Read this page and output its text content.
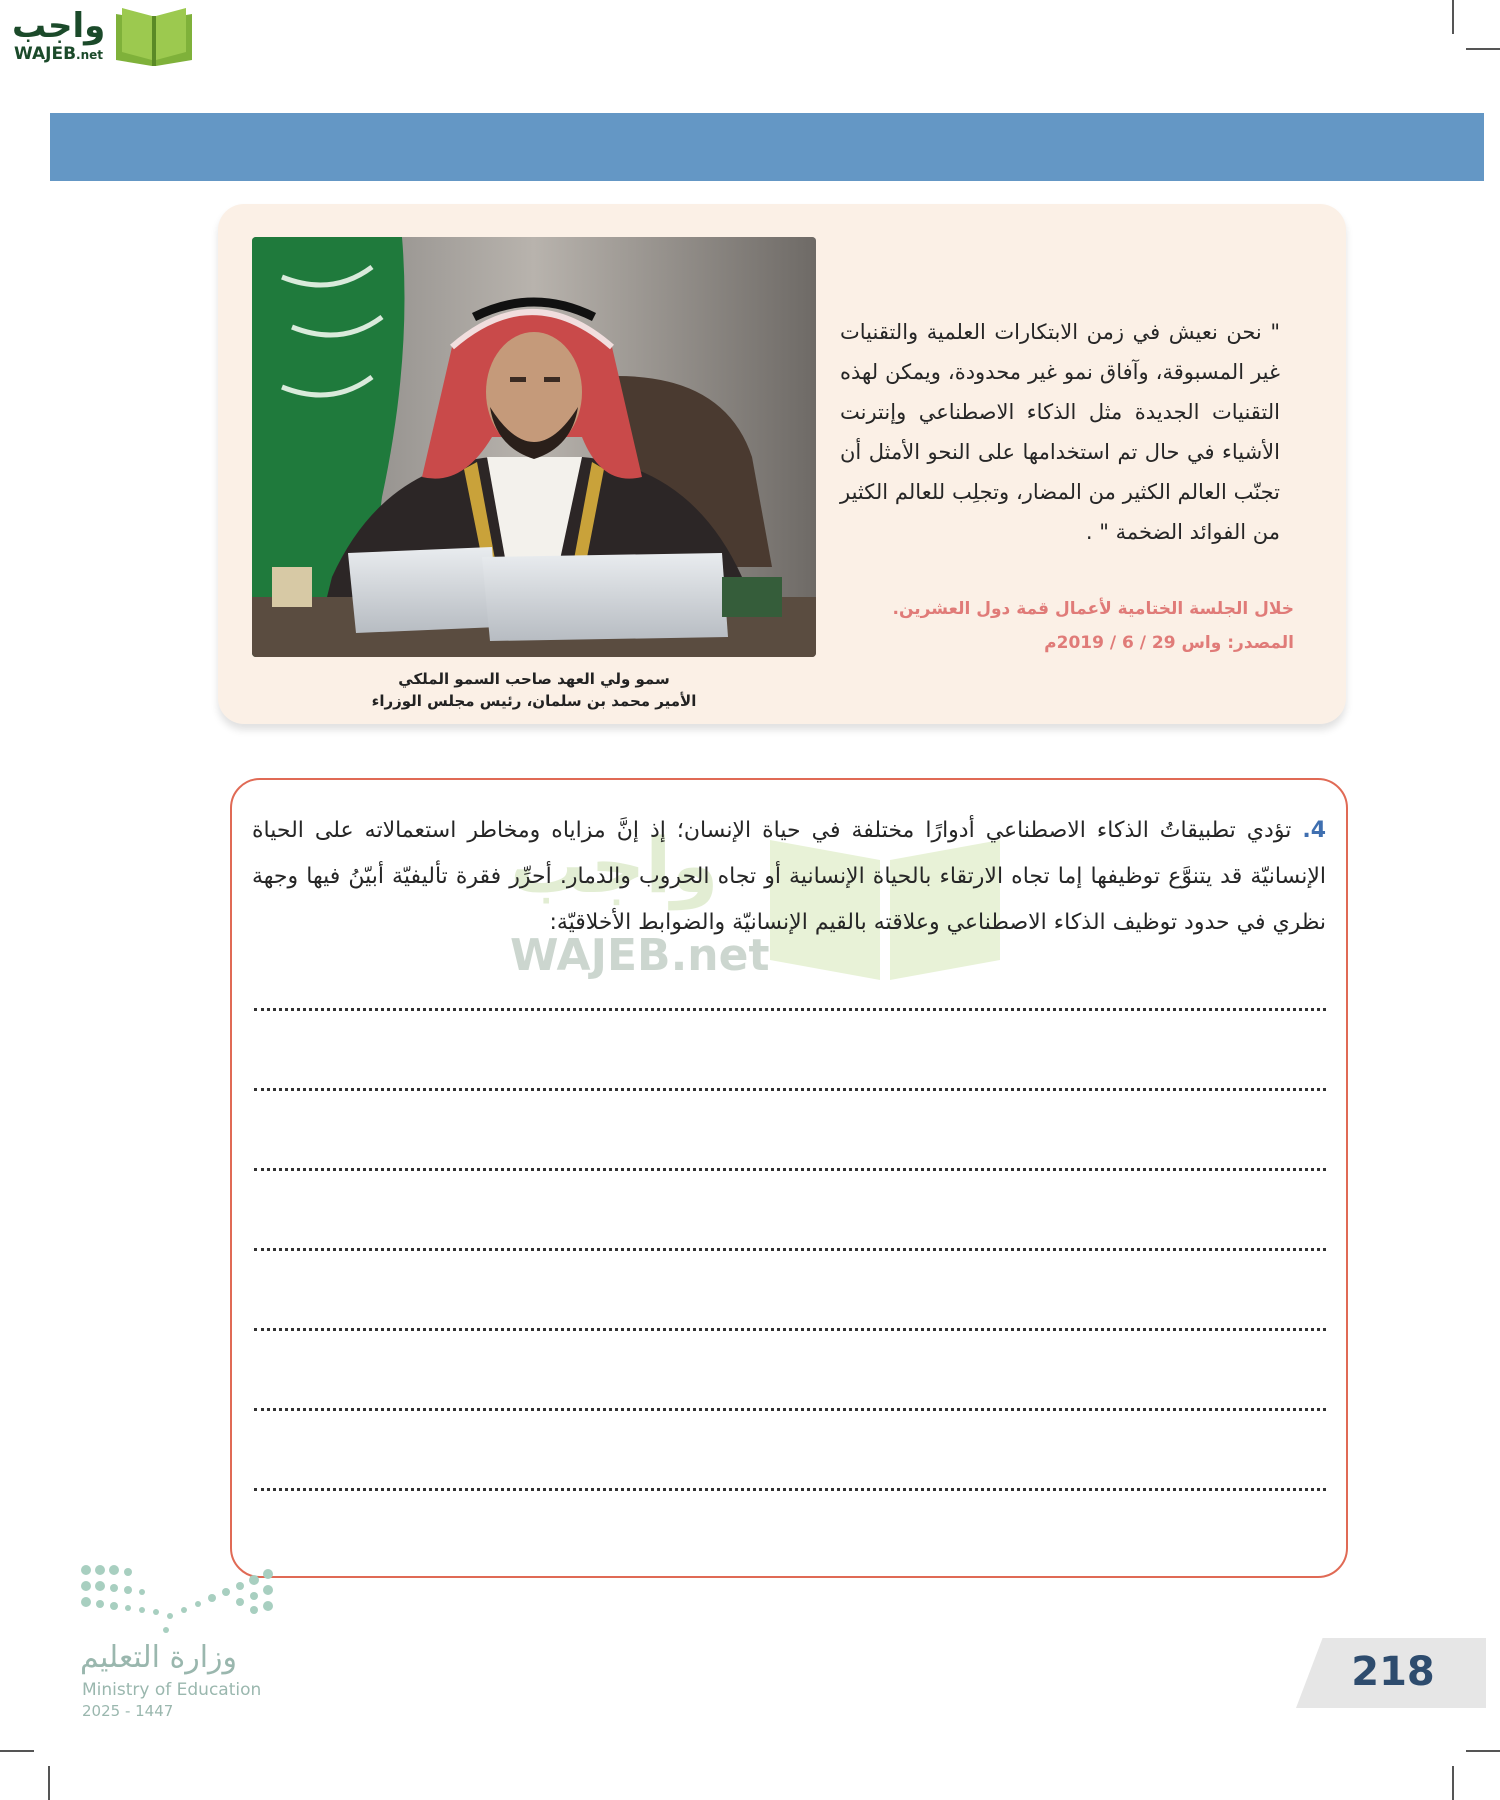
واجب
WAJEB.net
سمو ولي العهد صاحب السمو الملكي
الأمير محمد بن سلمان، رئيس مجلس الوزراء
" نحن نعيش في زمن الابتكارات العلمية والتقنيات غير المسبوقة، وآفاق نمو غير محدودة، ويمكن لهذه التقنيات الجديدة مثل الذكاء الاصطناعي وإنترنت الأشياء في حال تم استخدامها على النحو الأمثل أن تجنّب العالم الكثير من المضار، وتجلِب للعالم الكثير من الفوائد الضخمة " .
خلال الجلسة الختامية لأعمال قمة دول العشرين.
المصدر: واس 29 / 6 / 2019م
واجب
WAJEB.net
4. تؤدي تطبيقاتُ الذكاء الاصطناعي أدوارًا مختلفة في حياة الإنسان؛ إذ إنَّ مزاياه ومخاطر استعمالاته على الحياة الإنسانيّة قد يتنوَّع توظيفها إما تجاه الارتقاء بالحياة الإنسانية أو تجاه الحروب والدمار. أحرِّر فقرة تأليفيّة أبيّنُ فيها وجهة نظري في حدود توظيف الذكاء الاصطناعي وعلاقته بالقيم الإنسانيّة والضوابط الأخلاقيّة:
وزارة التعليم
Ministry of Education
2025 - 1447
218
